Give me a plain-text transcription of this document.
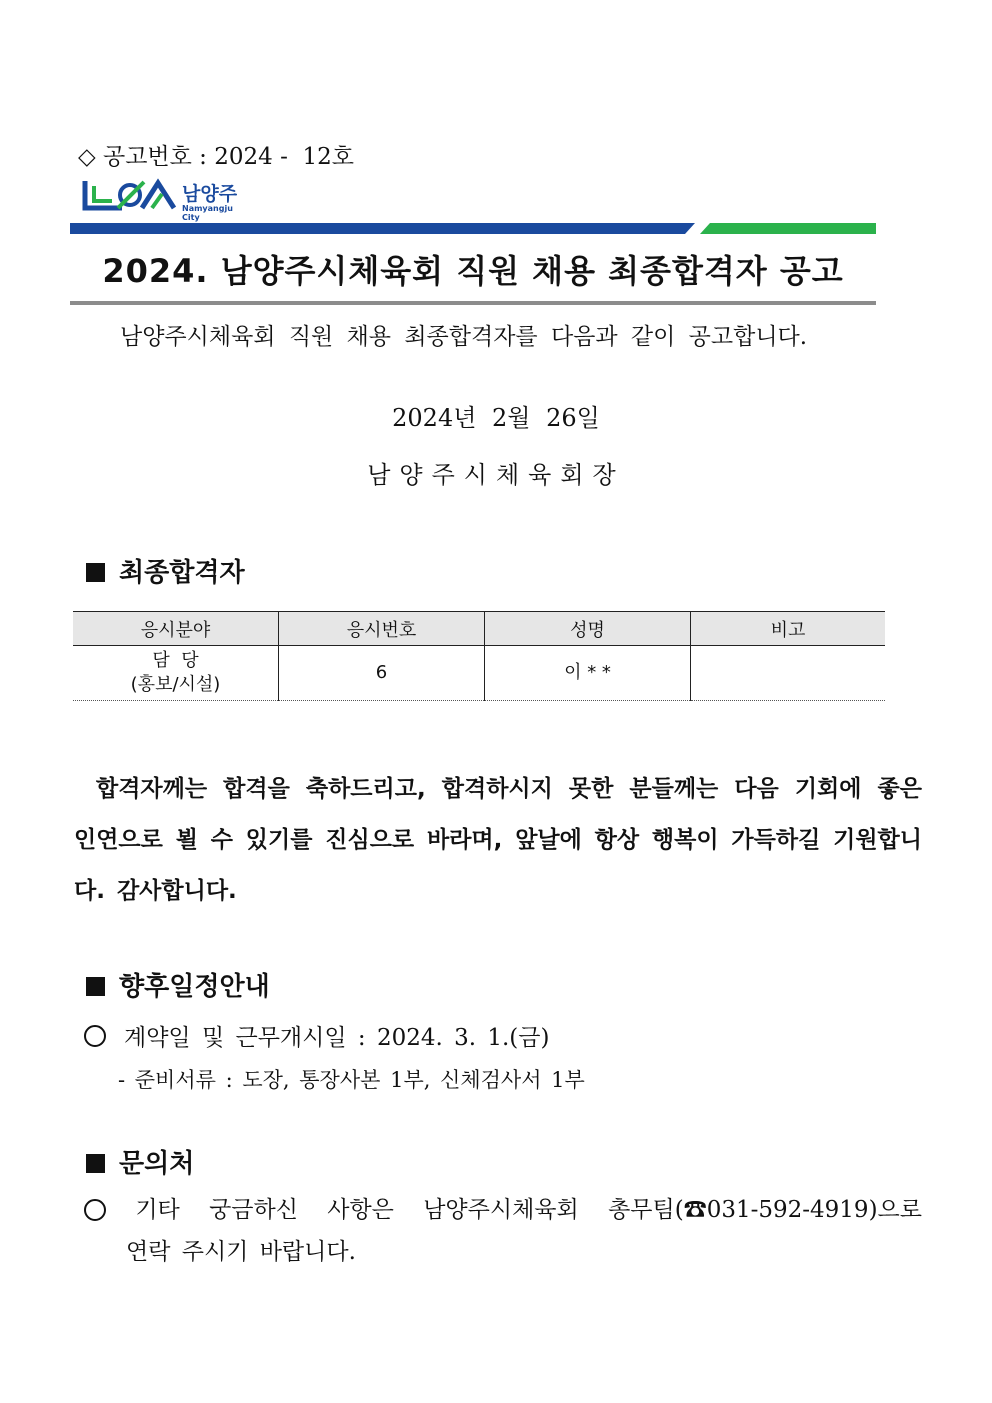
◇ 공고번호 : 2024 -  12호
남양주
Namyangju City
2024. 남양주시체육회 직원 채용 최종합격자 공고
남양주시체육회 직원 채용 최종합격자를 다음과 같이 공고합니다.
2024년 2월 26일
남양주시체육회장
최종합격자
응시분야	응시번호	성명	비고

담  당
(홍보/시설)	6	이 * *	
합격자께는 합격을 축하드리고, 합격하시지 못한 분들께는 다음 기회에 좋은 인연으로 뵐 수 있기를 진심으로 바라며, 앞날에 항상 행복이 가득하길 기원합니다. 감사합니다.
향후일정안내
계약일 및 근무개시일 : 2024. 3. 1.(금)
- 준비서류 : 도장, 통장사본 1부, 신체검사서 1부
문의처
기타 궁금하신 사항은 남양주시체육회 총무팀(☎031-592-4919)으로
연락 주시기 바랍니다.
